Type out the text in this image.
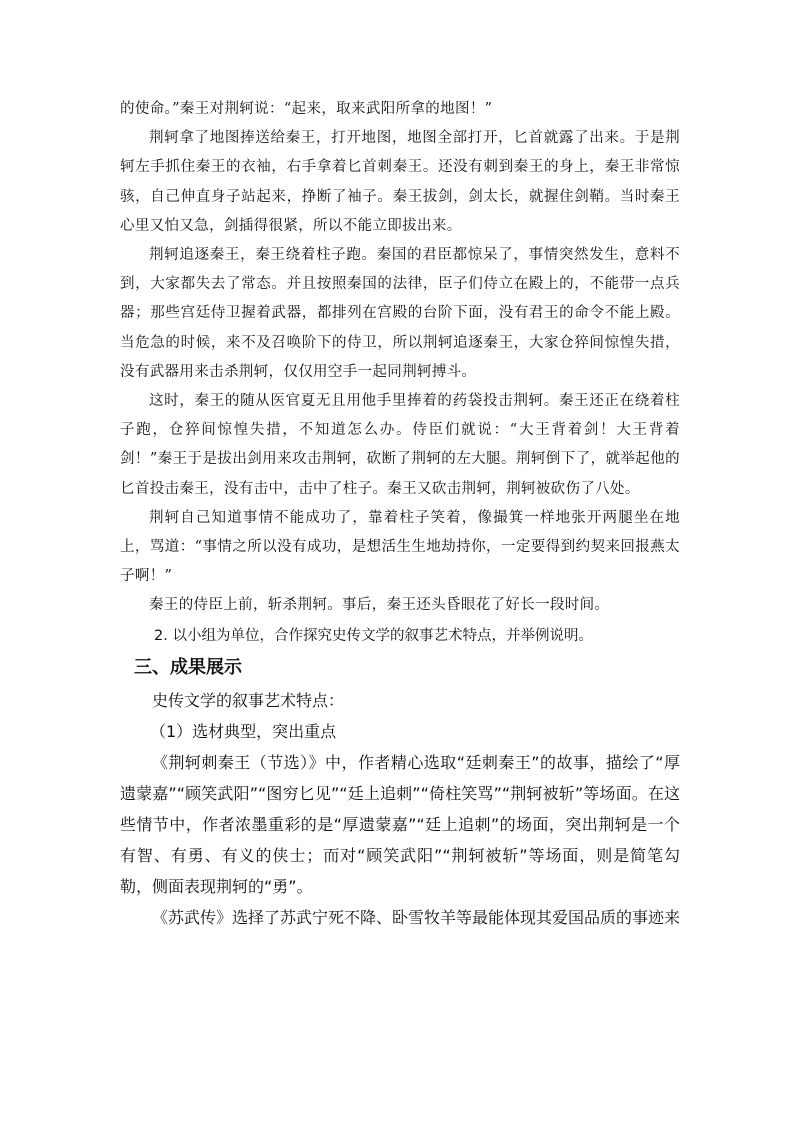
的使命。”秦王对荆轲说：“起来，取来武阳所拿的地图！”

荆轲拿了地图捧送给秦王，打开地图，地图全部打开，匕首就露了出来。于是荆轲左手抓住秦王的衣袖，右手拿着匕首刺秦王。还没有刺到秦王的身上，秦王非常惊骇，自己伸直身子站起来，挣断了袖子。秦王拔剑，剑太长，就握住剑鞘。当时秦王心里又怕又急，剑插得很紧，所以不能立即拔出来。

荆轲追逐秦王，秦王绕着柱子跑。秦国的君臣都惊呆了，事情突然发生，意料不到，大家都失去了常态。并且按照秦国的法律，臣子们侍立在殿上的，不能带一点兵器；那些宫廷侍卫握着武器，都排列在宫殿的台阶下面，没有君王的命令不能上殿。当危急的时候，来不及召唤阶下的侍卫，所以荆轲追逐秦王，大家仓猝间惊惶失措，没有武器用来击杀荆轲，仅仅用空手一起同荆轲搏斗。

这时，秦王的随从医官夏无且用他手里捧着的药袋投击荆轲。秦王还正在绕着柱子跑，仓猝间惊惶失措，不知道怎么办。侍臣们就说：“大王背着剑！大王背着剑！”秦王于是拔出剑用来攻击荆轲，砍断了荆轲的左大腿。荆轲倒下了，就举起他的匕首投击秦王，没有击中，击中了柱子。秦王又砍击荆轲，荆轲被砍伤了八处。

荆轲自己知道事情不能成功了，靠着柱子笑着，像撮箕一样地张开两腿坐在地上，骂道：“事情之所以没有成功，是想活生生地劫持你，一定要得到约契来回报燕太子啊！”

秦王的侍臣上前，斩杀荆轲。事后，秦王还头昏眼花了好长一段时间。

2. 以小组为单位，合作探究史传文学的叙事艺术特点，并举例说明。

三、成果展示

史传文学的叙事艺术特点：

（1）选材典型，突出重点

《荆轲刺秦王（节选）》中，作者精心选取“廷刺秦王”的故事，描绘了“厚遗蒙嘉”“顾笑武阳”“图穷匕见”“廷上追刺”“倚柱笑骂”“荆轲被斩”等场面。在这些情节中，作者浓墨重彩的是“厚遗蒙嘉”“廷上追刺”的场面，突出荆轲是一个有智、有勇、有义的侠士；而对“顾笑武阳”“荆轲被斩”等场面，则是简笔勾勒，侧面表现荆轲的“勇”。

《苏武传》选择了苏武宁死不降、卧雪牧羊等最能体现其爱国品质的事迹来
